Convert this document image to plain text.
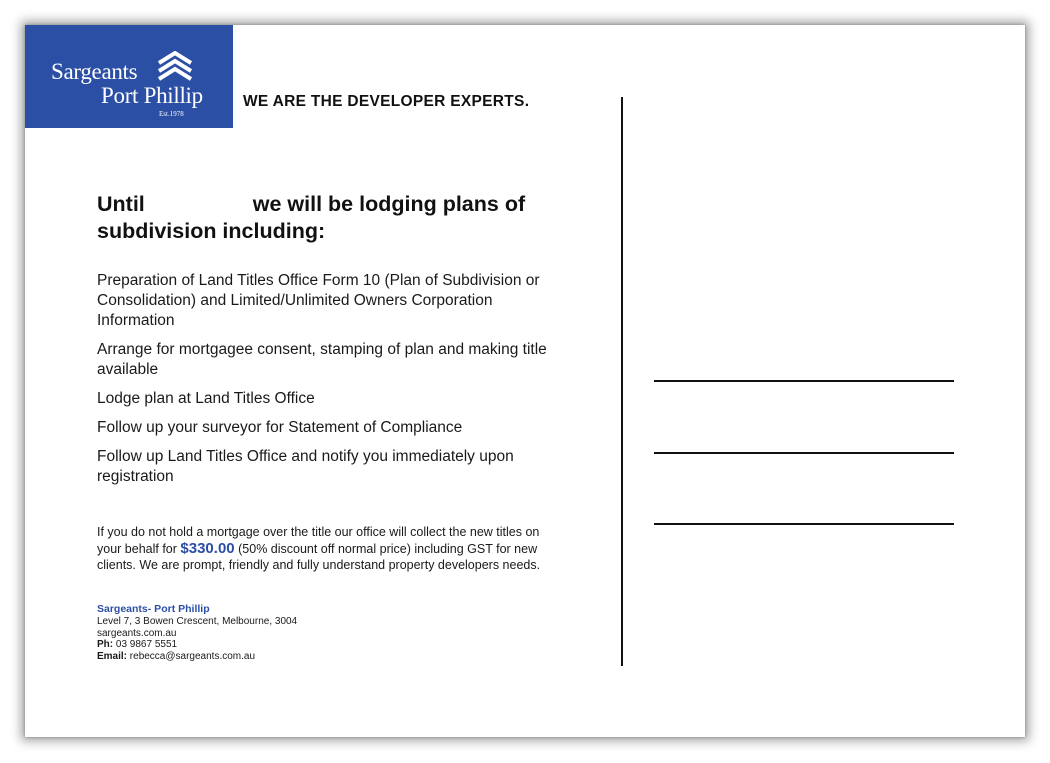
Sargeants
Port Phillip
Est.1978
WE ARE THE DEVELOPER EXPERTS.
Until	we will be lodging plans of subdivision including:
Preparation of Land Titles Office Form 10 (Plan of Subdivision or Consolidation) and Limited/Unlimited Owners Corporation Information
Arrange for mortgagee consent, stamping of plan and making title available
Lodge plan at Land Titles Office
Follow up your surveyor for Statement of Compliance
Follow up Land Titles Office and notify you immediately upon registration
If you do not hold a mortgage over the title our office will collect the new titles on your behalf for $330.00 (50% discount off normal price) including GST for new clients. We are prompt, friendly and fully understand property developers needs.
Sargeants- Port Phillip
Level 7, 3 Bowen Crescent, Melbourne, 3004
sargeants.com.au
Ph: 03 9867 5551
Email: rebecca@sargeants.com.au
